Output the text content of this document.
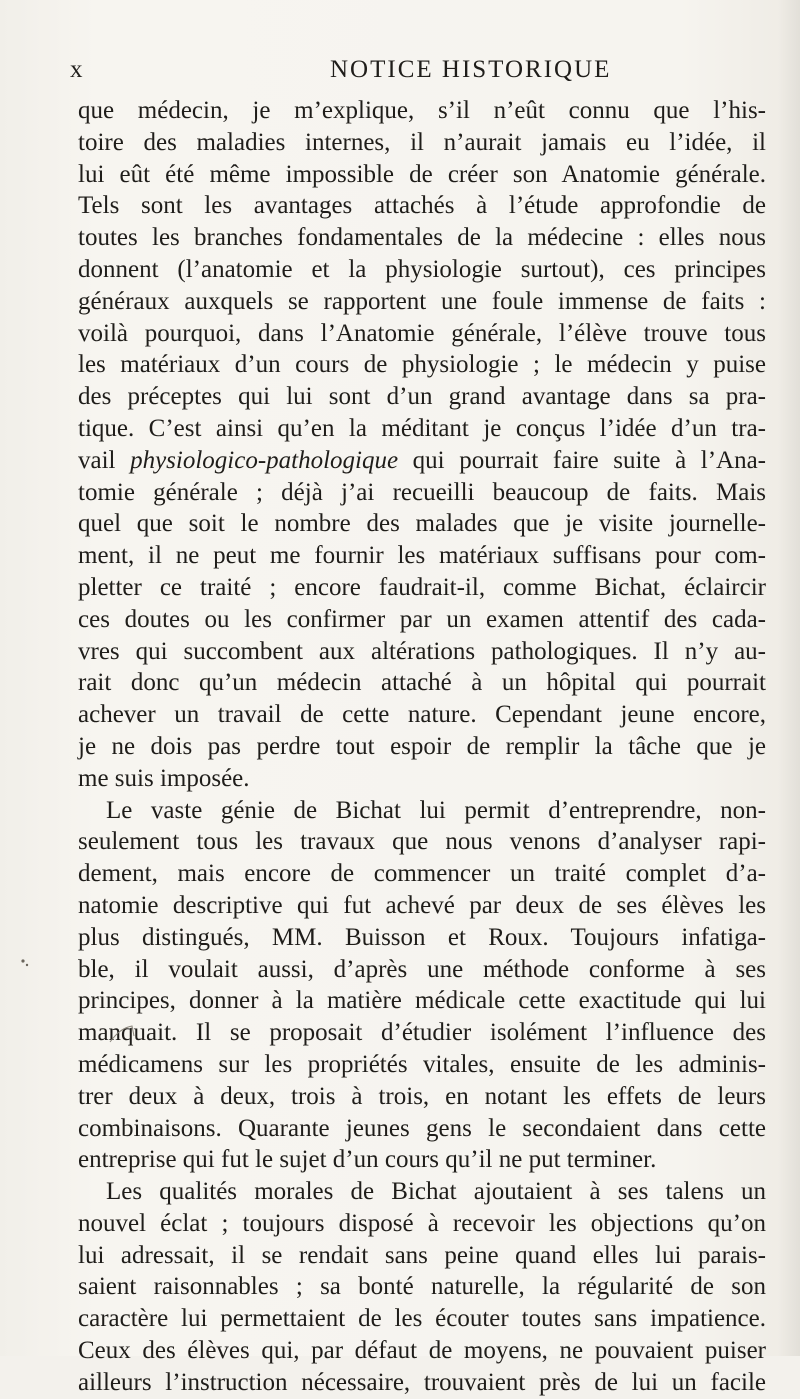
x	NOTICE HISTORIQUE
que médecin, je m’explique, s’il n’eût connu que l’his-
toire des maladies internes, il n’aurait jamais eu l’idée, il
lui eût été même impossible de créer son Anatomie générale.
Tels sont les avantages attachés à l’étude approfondie de
toutes les branches fondamentales de la médecine : elles nous
donnent (l’anatomie et la physiologie surtout), ces principes
généraux auxquels se rapportent une foule immense de faits :
voilà pourquoi, dans l’Anatomie générale, l’élève trouve tous
les matériaux d’un cours de physiologie ; le médecin y puise
des préceptes qui lui sont d’un grand avantage dans sa pra-
tique. C’est ainsi qu’en la méditant je conçus l’idée d’un tra-
vail physiologico-pathologique qui pourrait faire suite à l’Ana-
tomie générale ; déjà j’ai recueilli beaucoup de faits. Mais
quel que soit le nombre des malades que je visite journelle-
ment, il ne peut me fournir les matériaux suffisans pour com-
pletter ce traité ; encore faudrait-il, comme Bichat, éclaircir
ces doutes ou les confirmer par un examen attentif des cada-
vres qui succombent aux altérations pathologiques. Il n’y au-
rait donc qu’un médecin attaché à un hôpital qui pourrait
achever un travail de cette nature. Cependant jeune encore,
je ne dois pas perdre tout espoir de remplir la tâche que je
me suis imposée.
Le vaste génie de Bichat lui permit d’entreprendre, non-
seulement tous les travaux que nous venons d’analyser rapi-
dement, mais encore de commencer un traité complet d’a-
natomie descriptive qui fut achevé par deux de ses élèves les
plus distingués, MM. Buisson et Roux. Toujours infatiga-
ble, il voulait aussi, d’après une méthode conforme à ses
principes, donner à la matière médicale cette exactitude qui lui
manquait. Il se proposait d’étudier isolément l’influence des
médicamens sur les propriétés vitales, ensuite de les adminis-
trer deux à deux, trois à trois, en notant les effets de leurs
combinaisons. Quarante jeunes gens le secondaient dans cette
entreprise qui fut le sujet d’un cours qu’il ne put terminer.
Les qualités morales de Bichat ajoutaient à ses talens un
nouvel éclat ; toujours disposé à recevoir les objections qu’on
lui adressait, il se rendait sans peine quand elles lui parais-
saient raisonnables ; sa bonté naturelle, la régularité de son
caractère lui permettaient de les écouter toutes sans impatience.
Ceux des élèves qui, par défaut de moyens, ne pouvaient puiser
ailleurs l’instruction nécessaire, trouvaient près de lui un facile
